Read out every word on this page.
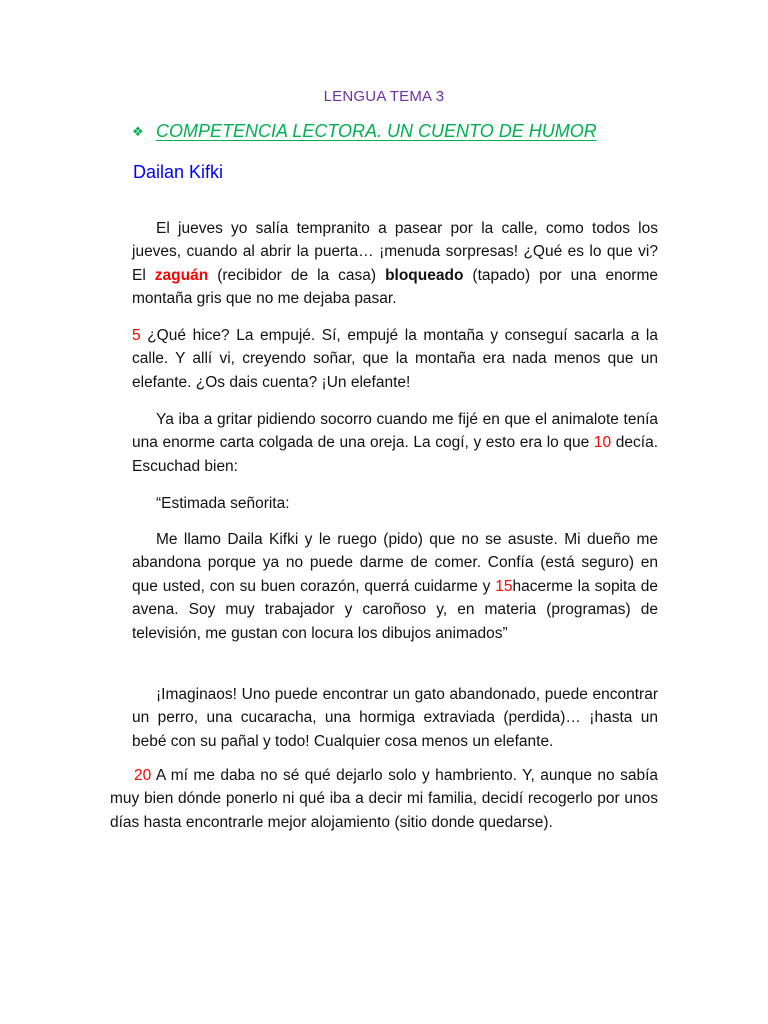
LENGUA TEMA 3
❖ COMPETENCIA LECTORA. UN CUENTO DE HUMOR
Dailan Kifki

El jueves yo salía tempranito a pasear por la calle, como todos los jueves, cuando al abrir la puerta… ¡menuda sorpresas! ¿Qué es lo que vi? El zaguán (recibidor de la casa) bloqueado (tapado) por una enorme montaña gris que no me dejaba pasar.

5 ¿Qué hice? La empujé. Sí, empujé la montaña y conseguí sacarla a la calle. Y allí vi, creyendo soñar, que la montaña era nada menos que un elefante. ¿Os dais cuenta? ¡Un elefante!

Ya iba a gritar pidiendo socorro cuando me fijé en que el animalote tenía una enorme carta colgada de una oreja. La cogí, y esto era lo que 10 decía. Escuchad bien:

“Estimada señorita:

Me llamo Daila Kifki y le ruego (pido) que no se asuste. Mi dueño me abandona porque ya no puede darme de comer. Confía (está seguro) en que usted, con su buen corazón, querrá cuidarme y 15hacerme la sopita de avena. Soy muy trabajador y caroñoso y, en materia (programas) de televisión, me gustan con locura los dibujos animados”

¡Imaginaos! Uno puede encontrar un gato abandonado, puede encontrar un perro, una cucaracha, una hormiga extraviada (perdida)… ¡hasta un bebé con su pañal y todo! Cualquier cosa menos un elefante.

20 A mí me daba no sé qué dejarlo solo y hambriento. Y, aunque no sabía muy bien dónde ponerlo ni qué iba a decir mi familia, decidí recogerlo por unos días hasta encontrarle mejor alojamiento (sitio donde quedarse).
